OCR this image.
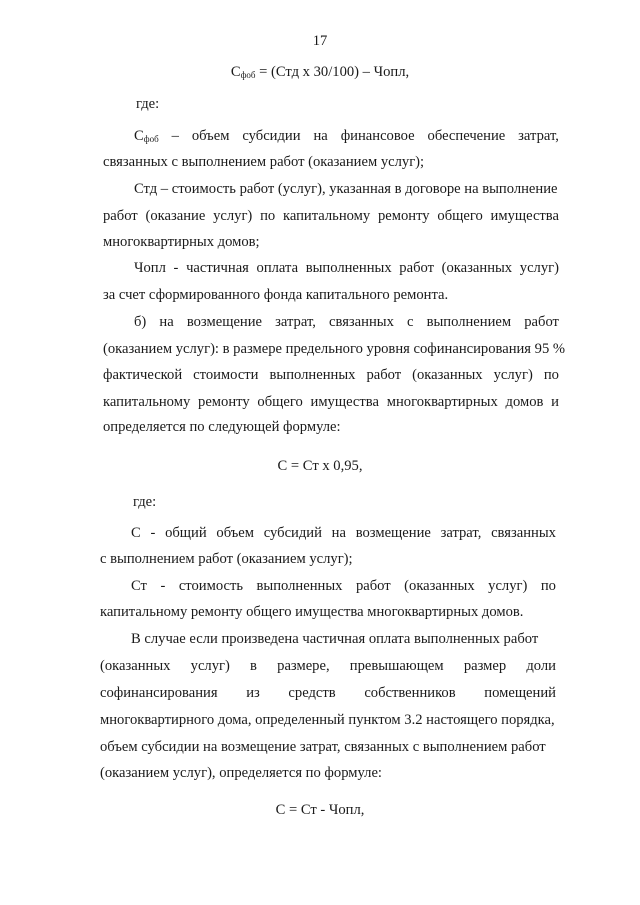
17
$С_{фоб} = (Стд$ х 30/100) – Чопл,
где:
$С_{фоб}$ – объем субсидии на финансовое обеспечение затрат,
связанных с выполнением работ (оказанием услуг);
Стд – стоимость работ (услуг), указанная в договоре на выполнение
работ (оказание услуг) по капитальному ремонту общего имущества
многоквартирных домов;
Чопл - частичная оплата выполненных работ (оказанных услуг)
за счет сформированного фонда капитального ремонта.
б) на возмещение затрат, связанных с выполнением работ
(оказанием услуг): в размере предельного уровня софинансирования 95 %
фактической стоимости выполненных работ (оказанных услуг) по
капитальному ремонту общего имущества многоквартирных домов и
определяется по следующей формуле:
С = Ст х 0,95,
где:
С - общий объем субсидий на возмещение затрат, связанных
с выполнением работ (оказанием услуг);
Ст - стоимость выполненных работ (оказанных услуг) по
капитальному ремонту общего имущества многоквартирных домов.
В случае если произведена частичная оплата выполненных работ
(оказанных услуг) в размере, превышающем размер доли
софинансирования из средств собственников помещений
многоквартирного дома, определенный пунктом 3.2 настоящего порядка,
объем субсидии на возмещение затрат, связанных с выполнением работ
(оказанием услуг), определяется по формуле:
С = Ст - Чопл,
